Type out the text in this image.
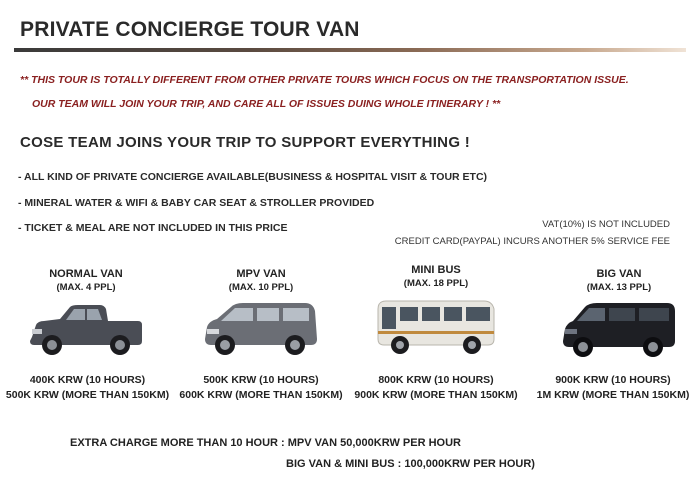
PRIVATE CONCIERGE TOUR VAN
** THIS TOUR IS TOTALLY DIFFERENT FROM OTHER PRIVATE TOURS WHICH FOCUS ON THE TRANSPORTATION ISSUE.
OUR TEAM WILL JOIN YOUR TRIP, AND CARE ALL OF ISSUES DUING WHOLE ITINERARY ! **
COSE TEAM JOINS YOUR TRIP TO SUPPORT EVERYTHING !
- ALL KIND OF PRIVATE CONCIERGE AVAILABLE(BUSINESS & HOSPITAL VISIT & TOUR ETC)
- MINERAL WATER & WIFI & BABY CAR SEAT & STROLLER PROVIDED
- TICKET & MEAL ARE NOT INCLUDED IN THIS PRICE	VAT(10%) IS NOT INCLUDED
CREDIT CARD(PAYPAL) INCURS ANOTHER 5% SERVICE FEE
NORMAL VAN
(MAX. 4 PPL)
400K KRW (10 HOURS)
500K KRW (MORE THAN 150KM)
MPV VAN
(MAX. 10 PPL)
500K KRW (10 HOURS)
600K KRW (MORE THAN 150KM)
MINI BUS
(MAX. 18 PPL)
800K KRW (10 HOURS)
900K KRW (MORE THAN 150KM)
BIG VAN
(MAX. 13 PPL)
900K KRW (10 HOURS)
1M KRW (MORE THAN 150KM)
EXTRA CHARGE MORE THAN 10 HOUR : MPV VAN 50,000KRW PER HOUR
BIG VAN & MINI BUS : 100,000KRW PER HOUR)
